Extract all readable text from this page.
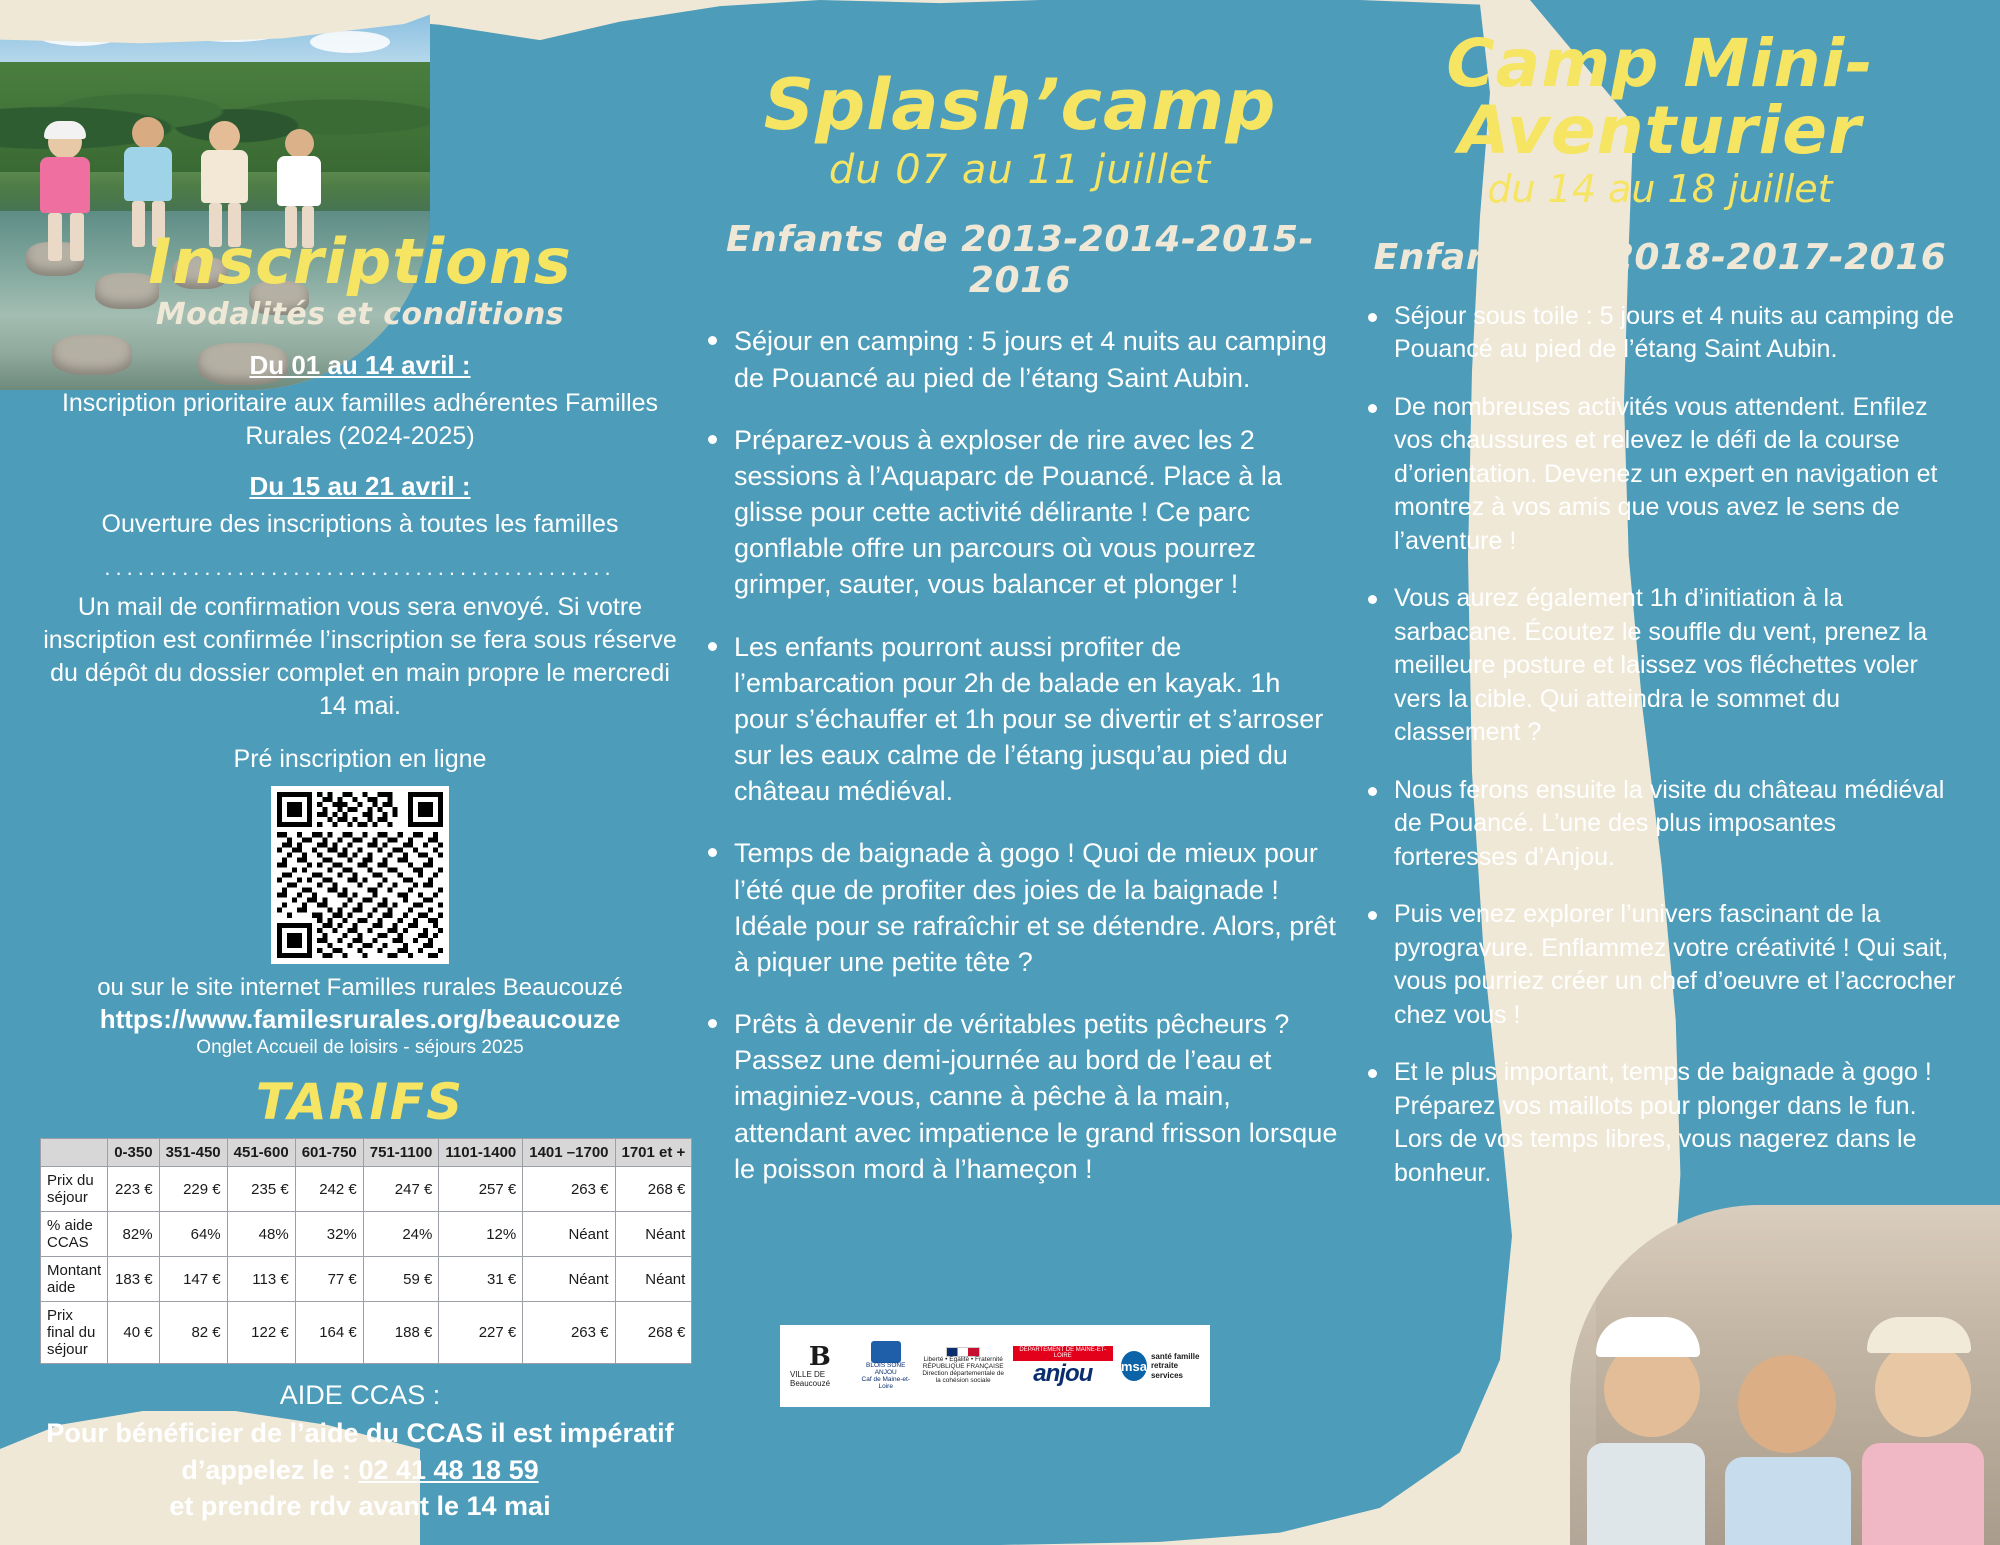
Inscriptions
Modalités et conditions
Du 01 au 14 avril :

Inscription prioritaire aux familles adhérentes Familles Rurales (2024-2025)

Du 15 au 21 avril :

Ouverture des inscriptions à toutes les familles

..............................................

Un mail de confirmation vous sera envoyé. Si votre inscription est confirmée l’inscription se fera sous réserve du dépôt du dossier complet en main propre le mercredi 14 mai.

Pré inscription en ligne
ou sur le site internet Familles rurales Beaucouzé
https://www.familesrurales.org/beaucouze
Onglet Accueil de loisirs - séjours 2025
TARIFS
	0-350	351-450	451-600	601-750	751-1100	1101-1400	1401 –1700	1701 et +
Prix du séjour	223 €	229 €	235 €	242 €	247 €	257 €	263 €	268 €
% aide CCAS	82%	64%	48%	32%	24%	12%	Néant	Néant
Montant aide	183 €	147 €	113 €	77 €	59 €	31 €	Néant	Néant
Prix final du séjour	40 €	82 €	122 €	164 €	188 €	227 €	263 €	268 €
AIDE CCAS :
Pour bénéficier de l’aide du CCAS il est impératif
d’appelez le : 02 41 48 18 59
et prendre rdv avant le 14 mai
Splash’camp
du 07 au 11 juillet
Enfants de 2013-2014-2015-2016
Séjour en camping : 5 jours et 4 nuits au camping de Pouancé au pied de l’étang Saint Aubin.
Préparez-vous à exploser de rire avec les 2 sessions à l’Aquaparc de Pouancé. Place à la glisse pour cette activité délirante ! Ce parc gonflable offre un parcours où vous pourrez grimper, sauter, vous balancer et plonger !
Les enfants pourront aussi profiter de l’embarcation pour 2h de balade en kayak. 1h pour s’échauffer et 1h pour se divertir et s’arroser sur les eaux calme de l’étang jusqu’au pied du château médiéval.
Temps de baignade à gogo ! Quoi de mieux pour l’été que de profiter des joies de la baignade ! Idéale pour se rafraîchir et se détendre. Alors, prêt à piquer une petite tête ?
Prêts à devenir de véritables petits pêcheurs ? Passez une demi-journée au bord de l’eau et imaginiez-vous, canne à pêche à la main, attendant avec impatience le grand frisson lorsque le poisson mord à l’hameçon !
Camp Mini-Aventurier
du 14 au 18 juillet
Enfants de 2018-2017-2016
Séjour sous toile : 5 jours et 4 nuits au camping de Pouancé au pied de l’étang Saint Aubin.
De nombreuses activités vous attendent. Enfilez vos chaussures et relevez le défi de la course d’orientation. Devenez un expert en navigation et montrez à vos amis que vous avez le sens de l’aventure !
Vous aurez également 1h d’initiation à la sarbacane. Écoutez le souffle du vent, prenez la meilleure posture et laissez vos fléchettes voler vers la cible. Qui atteindra le sommet du classement ?
Nous ferons ensuite la visite du château médiéval de Pouancé. L’une des plus imposantes forteresses d’Anjou.
Puis venez explorer l’univers fascinant de la pyrogravure. Enflammez votre créativité ! Qui sait, vous pourriez créer un chef d’oeuvre et l’accrocher chez vous !
Et le plus important, temps de baignade à gogo ! Préparez vos maillots pour plonger dans le fun. Lors de vos temps libres, vous nagerez dans le bonheur.
B
VILLE DE Beaucouzé
BLOIS SONE ANJOU
Caf de Maine-et-Loire
Liberté • Égalité • Fraternité
RÉPUBLIQUE FRANÇAISE
Direction départementale de la cohésion sociale
DÉPARTEMENT DE MAINE-ET-LOIRE
anjou msa
santé famille retraite services
